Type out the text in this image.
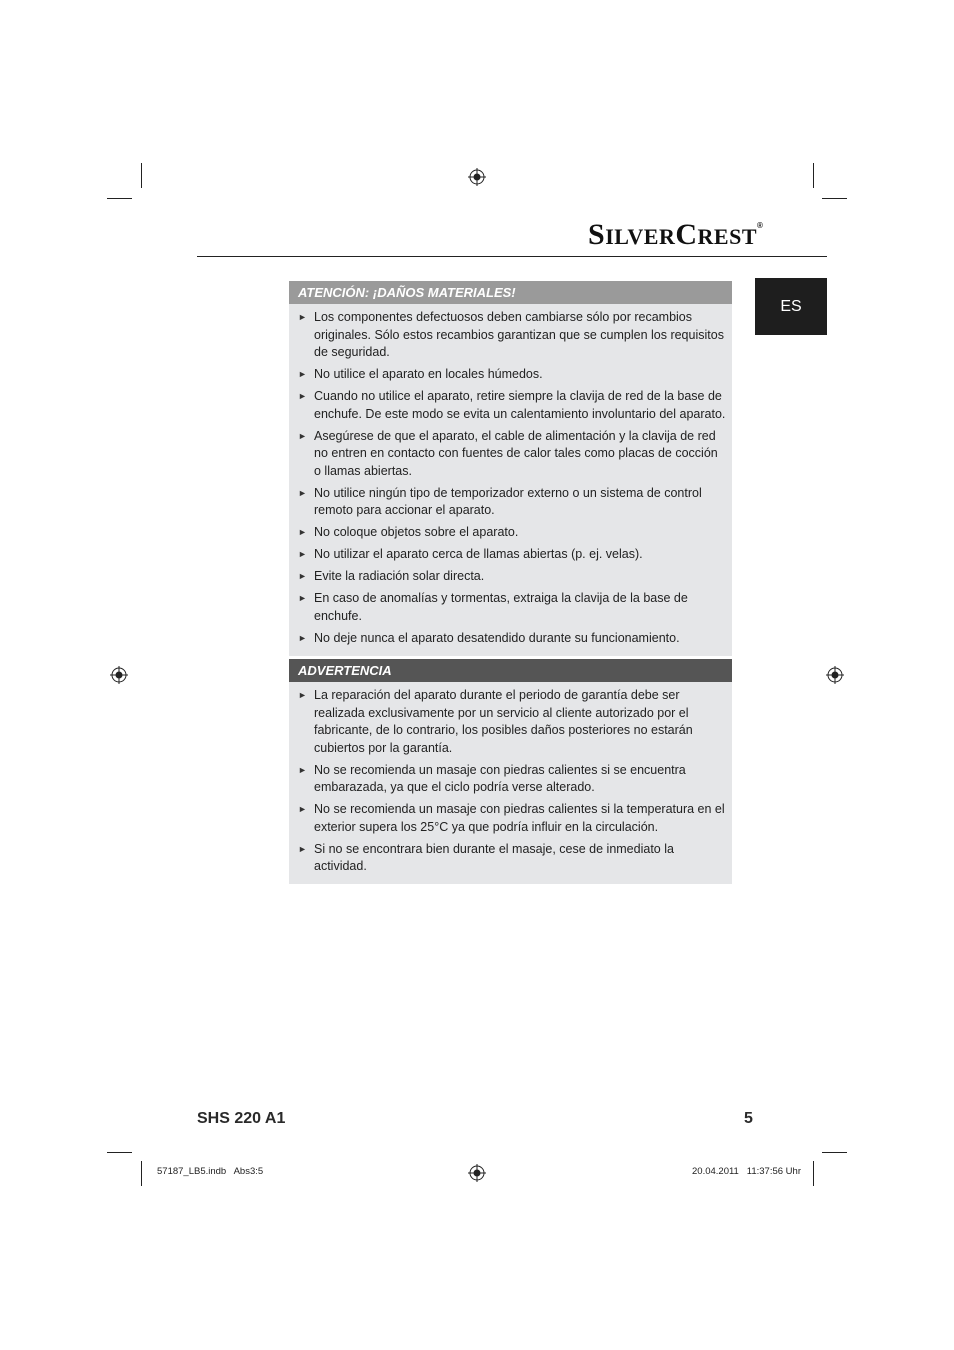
SILVERCREST®
ES
ATENCIÓN: ¡DAÑOS MATERIALES!
► Los componentes defectuosos deben cambiarse sólo por recambios originales. Sólo estos recambios garantizan que se cumplen los requisitos de seguridad.
► No utilice el aparato en locales húmedos.
► Cuando no utilice el aparato, retire siempre la clavija de red de la base de enchufe. De este modo se evita un calentamiento involuntario del aparato.
► Asegúrese de que el aparato, el cable de alimentación y la clavija de red no entren en contacto con fuentes de calor tales como placas de cocción o llamas abiertas.
► No utilice ningún tipo de temporizador externo o un sistema de control remoto para accionar el aparato.
► No coloque objetos sobre el aparato.
► No utilizar el aparato cerca de llamas abiertas (p. ej. velas).
► Evite la radiación solar directa.
► En caso de anomalías y tormentas, extraiga la clavija de la base de enchufe.
► No deje nunca el aparato desatendido durante su funcionamiento.
ADVERTENCIA
► La reparación del aparato durante el periodo de garantía debe ser realizada exclusivamente por un servicio al cliente autorizado por el fabricante, de lo contrario, los posibles daños posteriores no estarán cubiertos por la garantía.
► No se recomienda un masaje con piedras calientes si se encuentra embarazada, ya que el ciclo podría verse alterado.
► No se recomienda un masaje con piedras calientes si la temperatura en el exterior supera los 25°C ya que podría influir en la circulación.
► Si no se encontrara bien durante el masaje, cese de inmediato la actividad.
SHS 220 A1	5
57187_LB5.indb   Abs3:5	20.04.2011   11:37:56 Uhr
